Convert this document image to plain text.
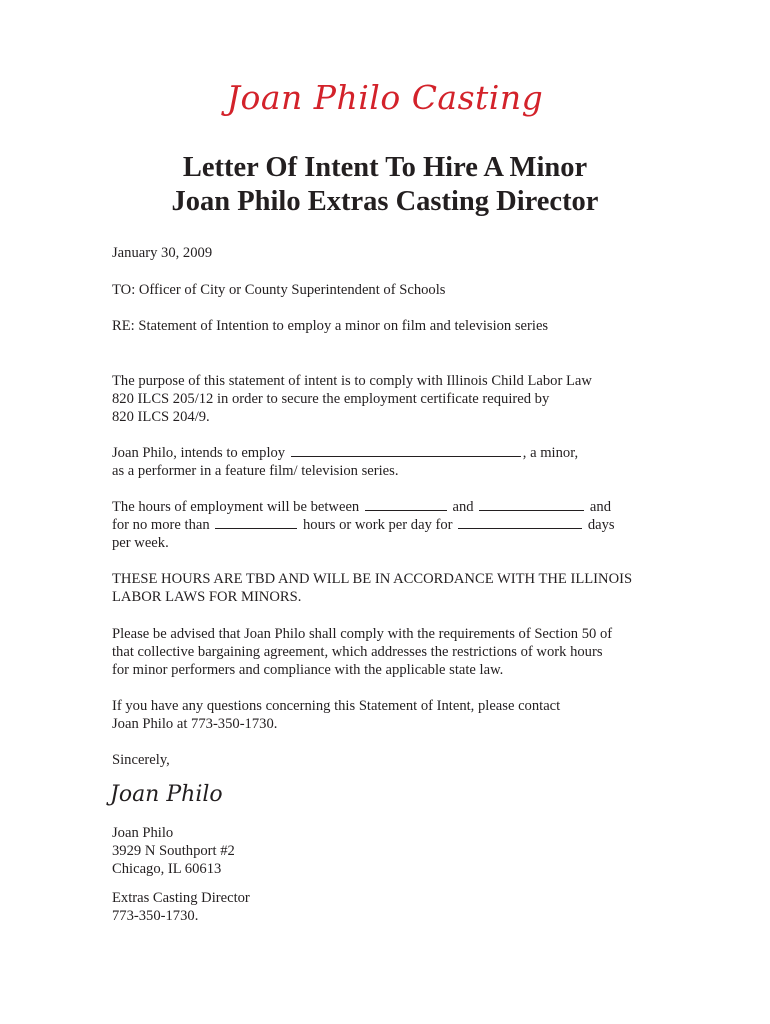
Joan Philo Casting
Letter Of Intent To Hire A Minor
Joan Philo Extras Casting Director
January 30, 2009
TO: Officer of City or County Superintendent of Schools
RE: Statement of Intention to employ a minor on film and television series
The purpose of this statement of intent is to comply with Illinois Child Labor Law
820 ILCS 205/12 in order to secure the employment certificate required by
820 ILCS 204/9.
Joan Philo, intends to employ	, a minor,
as a performer in a feature film/ television series.
The hours of employment will be between	and	and
for no more than	hours or work per day for	days
per week.
THESE HOURS ARE TBD AND WILL BE IN ACCORDANCE WITH THE ILLINOIS
LABOR LAWS FOR MINORS.
Please be advised that Joan Philo shall comply with the requirements of Section 50 of
that collective bargaining agreement, which addresses the restrictions of work hours
for minor performers and compliance with the applicable state law.
If you have any questions concerning this Statement of Intent, please contact
Joan Philo at 773-350-1730.
Sincerely,
Joan Philo
Joan Philo
3929 N Southport #2
Chicago, IL 60613
Extras Casting Director
773-350-1730.
